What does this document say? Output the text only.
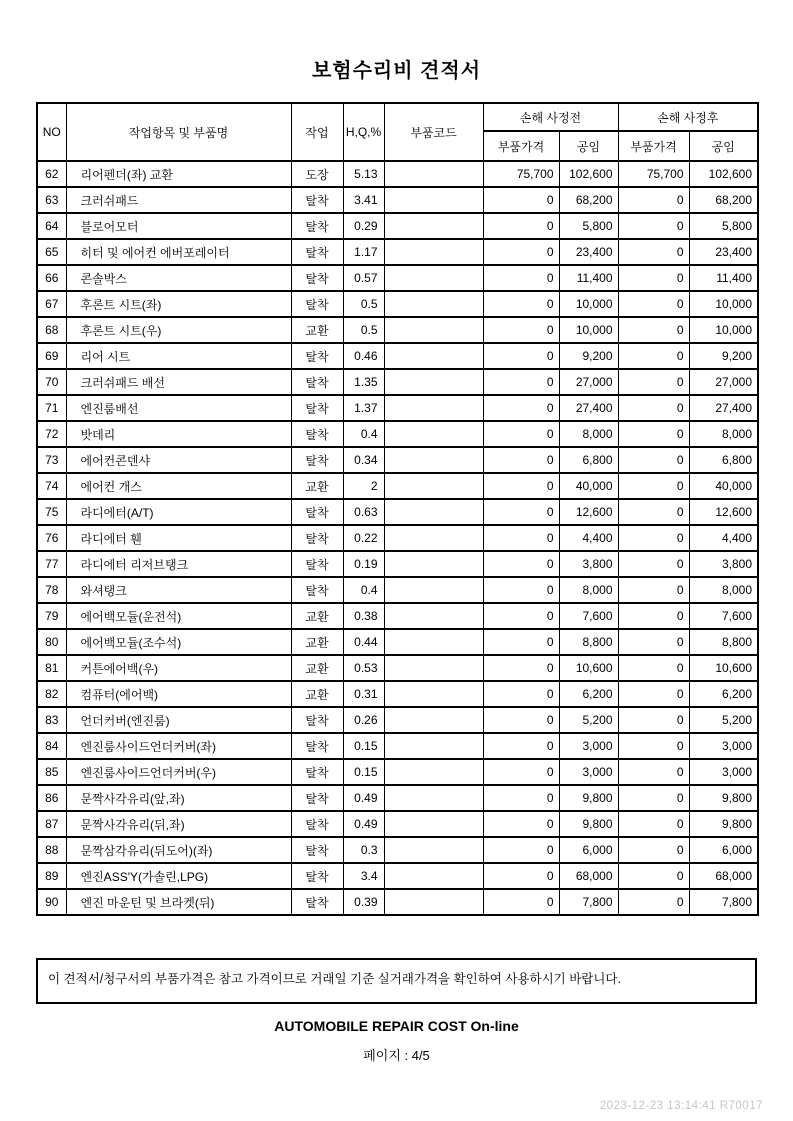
보험수리비 견적서
NO	작업항목 및 부품명	작업	H,Q,%	부품코드	손해 사정전		손해 사정후	
					부품가격	공임	부품가격	공임
62	리어펜더(좌) 교환	도장	5.13		75,700	102,600	75,700	102,600
63	크러쉬패드	탈착	3.41		0	68,200	0	68,200
64	블로어모터	탈착	0.29		0	5,800	0	5,800
65	히터 및 에어컨 에버포레이터	탈착	1.17		0	23,400	0	23,400
66	콘솔박스	탈착	0.57		0	11,400	0	11,400
67	후론트 시트(좌)	탈착	0.5		0	10,000	0	10,000
68	후론트 시트(우)	교환	0.5		0	10,000	0	10,000
69	리어 시트	탈착	0.46		0	9,200	0	9,200
70	크러쉬패드 배선	탈착	1.35		0	27,000	0	27,000
71	엔진룸배선	탈착	1.37		0	27,400	0	27,400
72	밧데리	탈착	0.4		0	8,000	0	8,000
73	에어컨콘덴샤	탈착	0.34		0	6,800	0	6,800
74	에어컨 개스	교환	2		0	40,000	0	40,000
75	라디에터(A/T)	탈착	0.63		0	12,600	0	12,600
76	라디에터 휀	탈착	0.22		0	4,400	0	4,400
77	라디에터 리저브탱크	탈착	0.19		0	3,800	0	3,800
78	와셔탱크	탈착	0.4		0	8,000	0	8,000
79	에어백모듈(운전석)	교환	0.38		0	7,600	0	7,600
80	에어백모듈(조수석)	교환	0.44		0	8,800	0	8,800
81	커튼에어백(우)	교환	0.53		0	10,600	0	10,600
82	컴퓨터(에어백)	교환	0.31		0	6,200	0	6,200
83	언더커버(엔진룸)	탈착	0.26		0	5,200	0	5,200
84	엔진룸사이드언더커버(좌)	탈착	0.15		0	3,000	0	3,000
85	엔진룸사이드언더커버(우)	탈착	0.15		0	3,000	0	3,000
86	문짝사각유리(앞,좌)	탈착	0.49		0	9,800	0	9,800
87	문짝사각유리(뒤,좌)	탈착	0.49		0	9,800	0	9,800
88	문짝삼각유리(뒤도어)(좌)	탈착	0.3		0	6,000	0	6,000
89	엔진ASS'Y(가솔린,LPG)	탈착	3.4		0	68,000	0	68,000
90	엔진 마운틴 및 브라켓(뒤)	탈착	0.39		0	7,800	0	7,800
이 견적서/청구서의 부품가격은 참고 가격이므로 거래일 기준 실거래가격을 확인하여 사용하시기 바랍니다.
AUTOMOBILE REPAIR COST On-line
페이지 : 4/5
2023-12-23 13:14:41 R70017
